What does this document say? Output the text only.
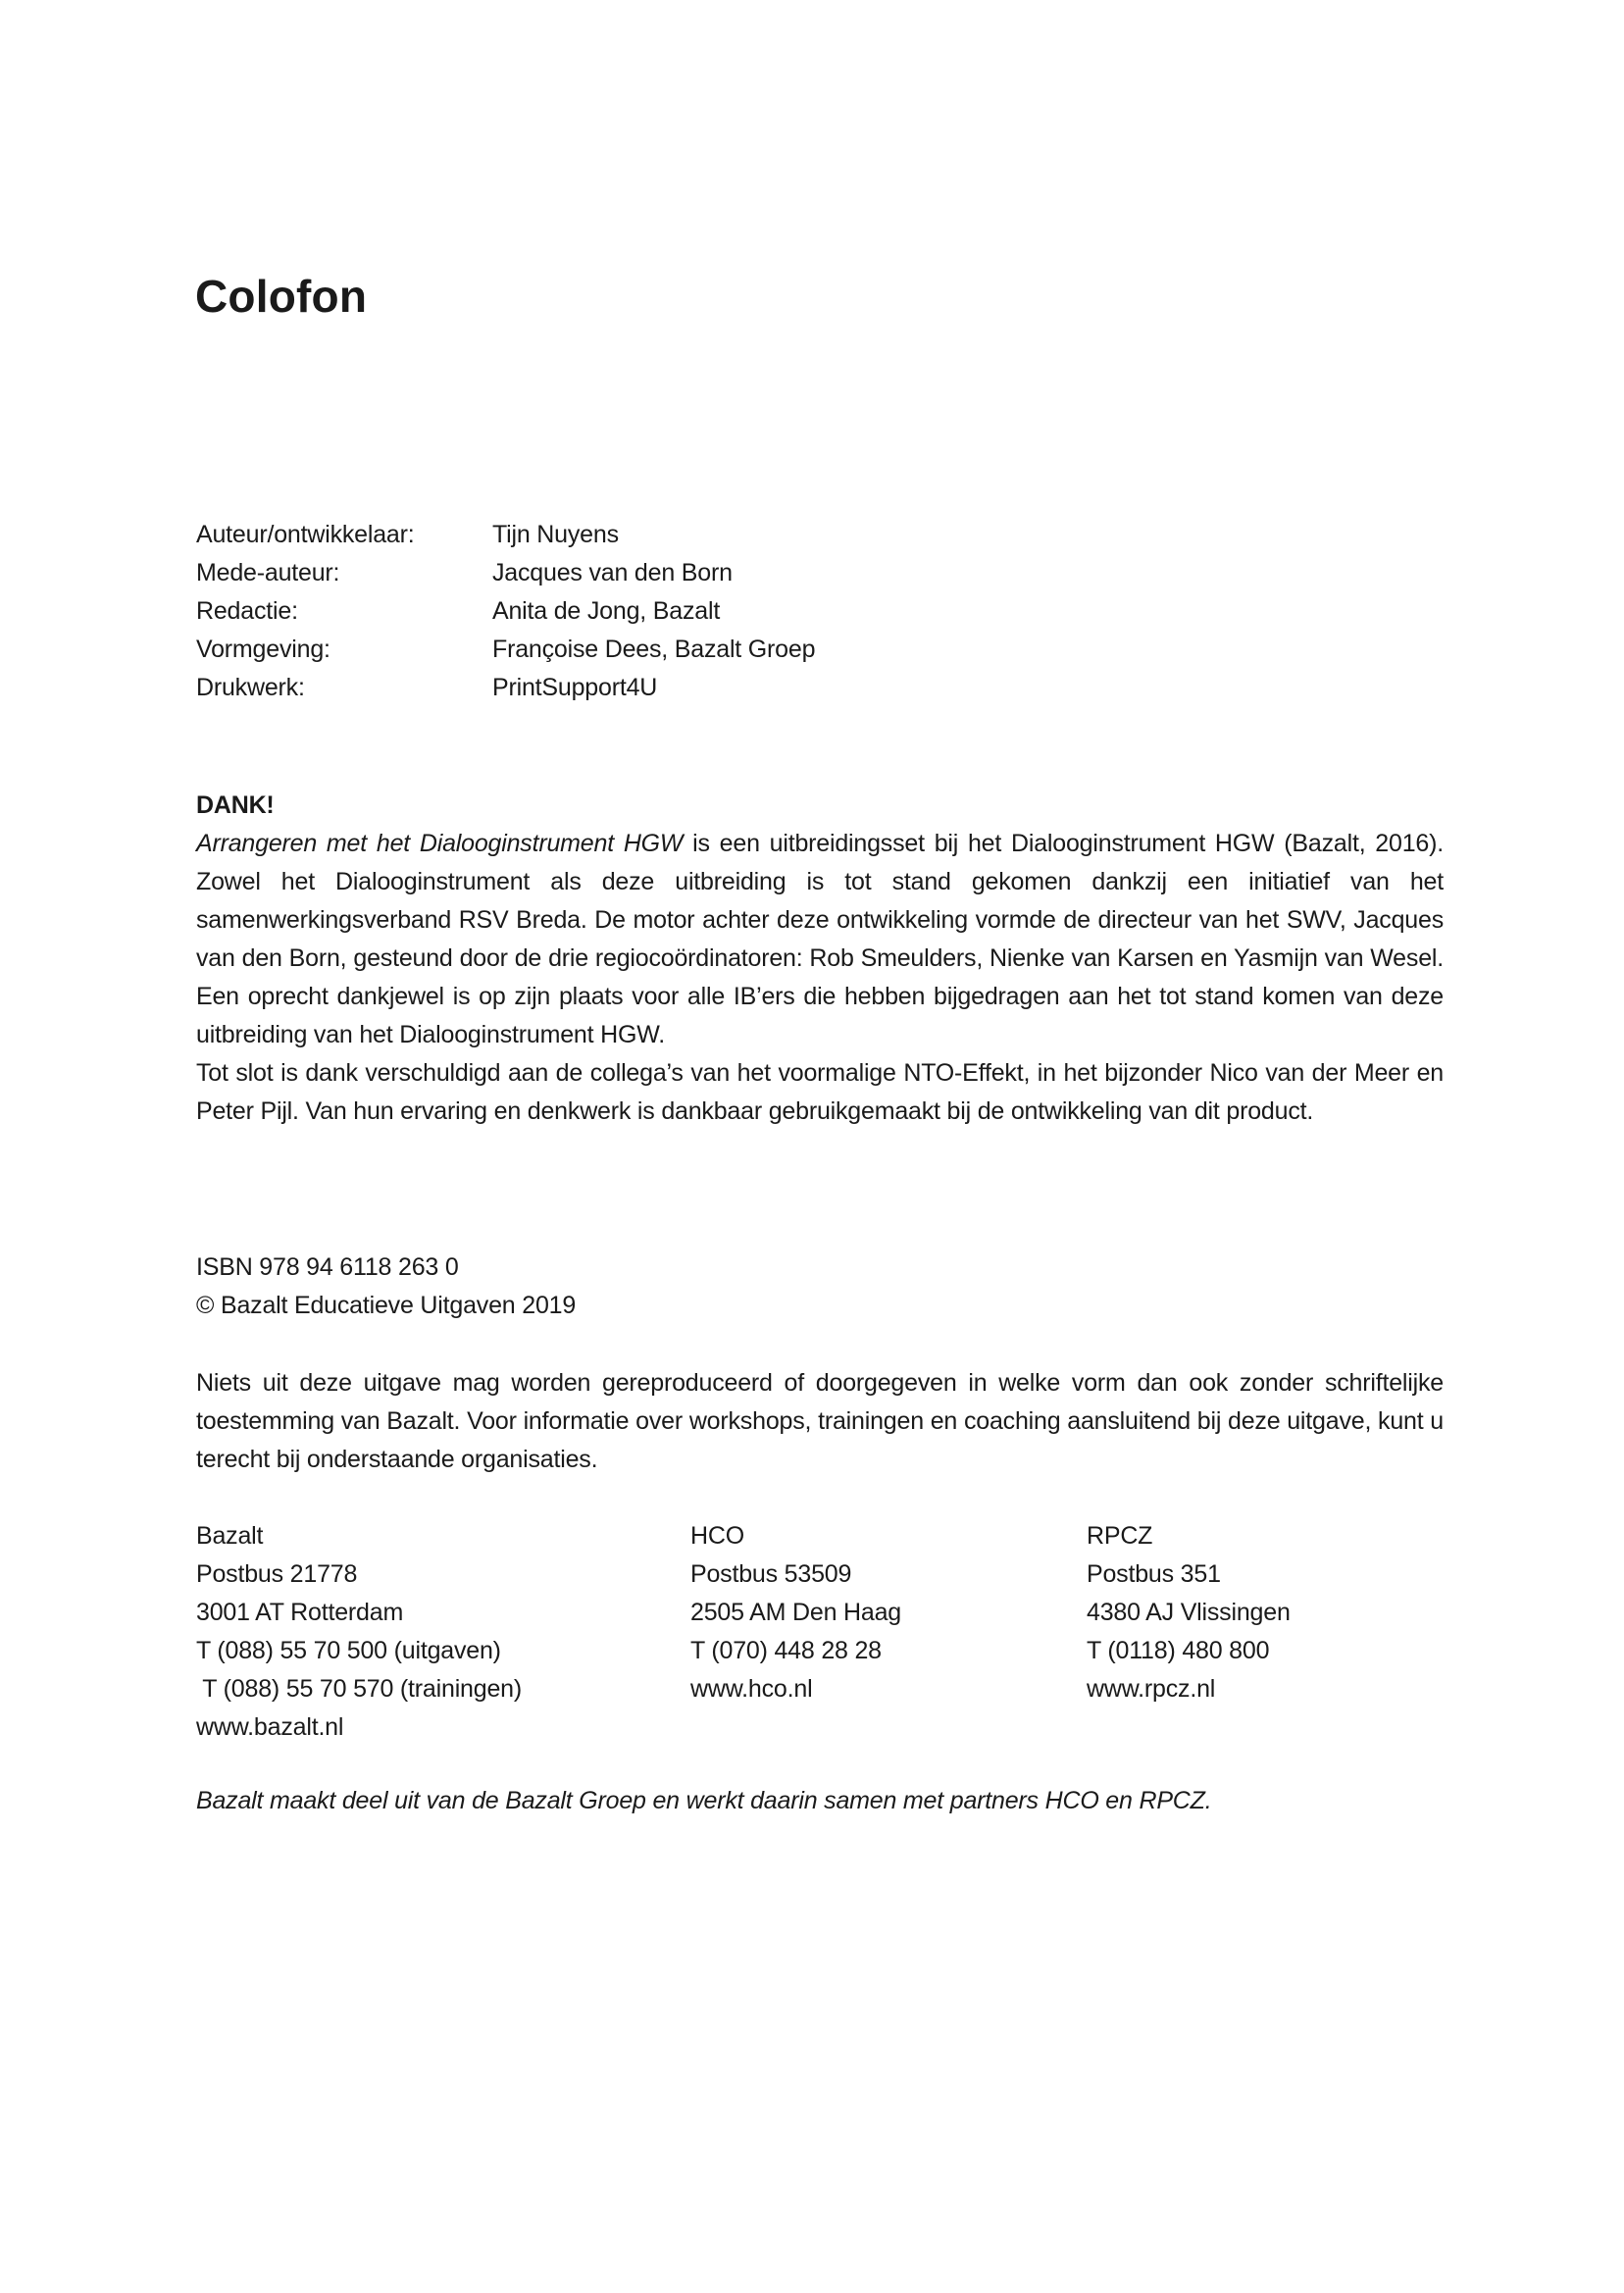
Colofon
Auteur/ontwikkelaar:	Tijn Nuyens
Mede-auteur:	Jacques van den Born
Redactie:	Anita de Jong, Bazalt
Vormgeving:	Françoise Dees, Bazalt Groep
Drukwerk:	PrintSupport4U

DANK!

Arrangeren met het Dialooginstrument HGW is een uitbreidingsset bij het Dialooginstrument HGW (Bazalt, 2016). Zowel het Dialooginstrument als deze uitbreiding is tot stand gekomen dankzij een initiatief van het samenwerkingsverband RSV Breda. De motor achter deze ontwikkeling vormde de directeur van het SWV, Jacques van den Born, gesteund door de drie regiocoördinatoren: Rob Smeulders, Nienke van Karsen en Yasmijn van Wesel. Een oprecht dankjewel is op zijn plaats voor alle IB’ers die hebben bijgedragen aan het tot stand komen van deze uitbreiding van het Dialooginstrument HGW.

Tot slot is dank verschuldigd aan de collega’s van het voormalige NTO-Effekt, in het bijzonder Nico van der Meer en Peter Pijl. Van hun ervaring en denkwerk is dankbaar gebruikgemaakt bij de ontwikkeling van dit product.

ISBN 978 94 6118 263 0
© Bazalt Educatieve Uitgaven 2019

Niets uit deze uitgave mag worden gereproduceerd of doorgegeven in welke vorm dan ook zonder schriftelijke toestemming van Bazalt. Voor informatie over workshops, trainingen en coaching aansluitend bij deze uitgave, kunt u terecht bij onderstaande organisaties.

Bazalt
Postbus 21778
3001 AT Rotterdam
T (088) 55 70 500 (uitgaven)
T (088) 55 70 570 (trainingen)
www.bazalt.nl
HCO
Postbus 53509
2505 AM Den Haag
T (070) 448 28 28
www.hco.nl
RPCZ
Postbus 351
4380 AJ Vlissingen
T (0118) 480 800
www.rpcz.nl
Bazalt maakt deel uit van de Bazalt Groep en werkt daarin samen met partners HCO en RPCZ.
